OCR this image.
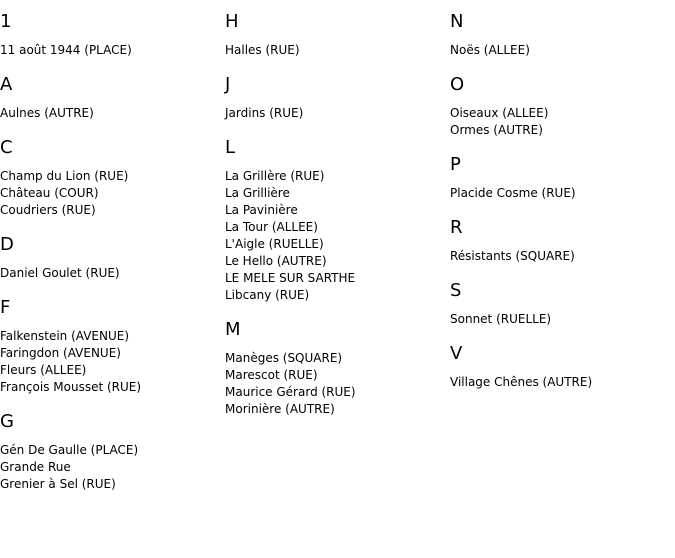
1
11 août 1944 (PLACE)
A
Aulnes (AUTRE)
C
Champ du Lion (RUE)
Château (COUR)
Coudriers (RUE)
D
Daniel Goulet (RUE)
F
Falkenstein (AVENUE)
Faringdon (AVENUE)
Fleurs (ALLEE)
François Mousset (RUE)
G
Gén De Gaulle (PLACE)
Grande Rue
Grenier à Sel (RUE)
H
Halles (RUE)
J
Jardins (RUE)
L
La Grillère (RUE)
La Grillière
La Pavinière
La Tour (ALLEE)
L'Aigle (RUELLE)
Le Hello (AUTRE)
LE MELE SUR SARTHE
Libcany (RUE)
M
Manèges (SQUARE)
Marescot (RUE)
Maurice Gérard (RUE)
Morinière (AUTRE)
N
Noës (ALLEE)
O
Oiseaux (ALLEE)
Ormes (AUTRE)
P
Placide Cosme (RUE)
R
Résistants (SQUARE)
S
Sonnet (RUELLE)
V
Village Chênes (AUTRE)
